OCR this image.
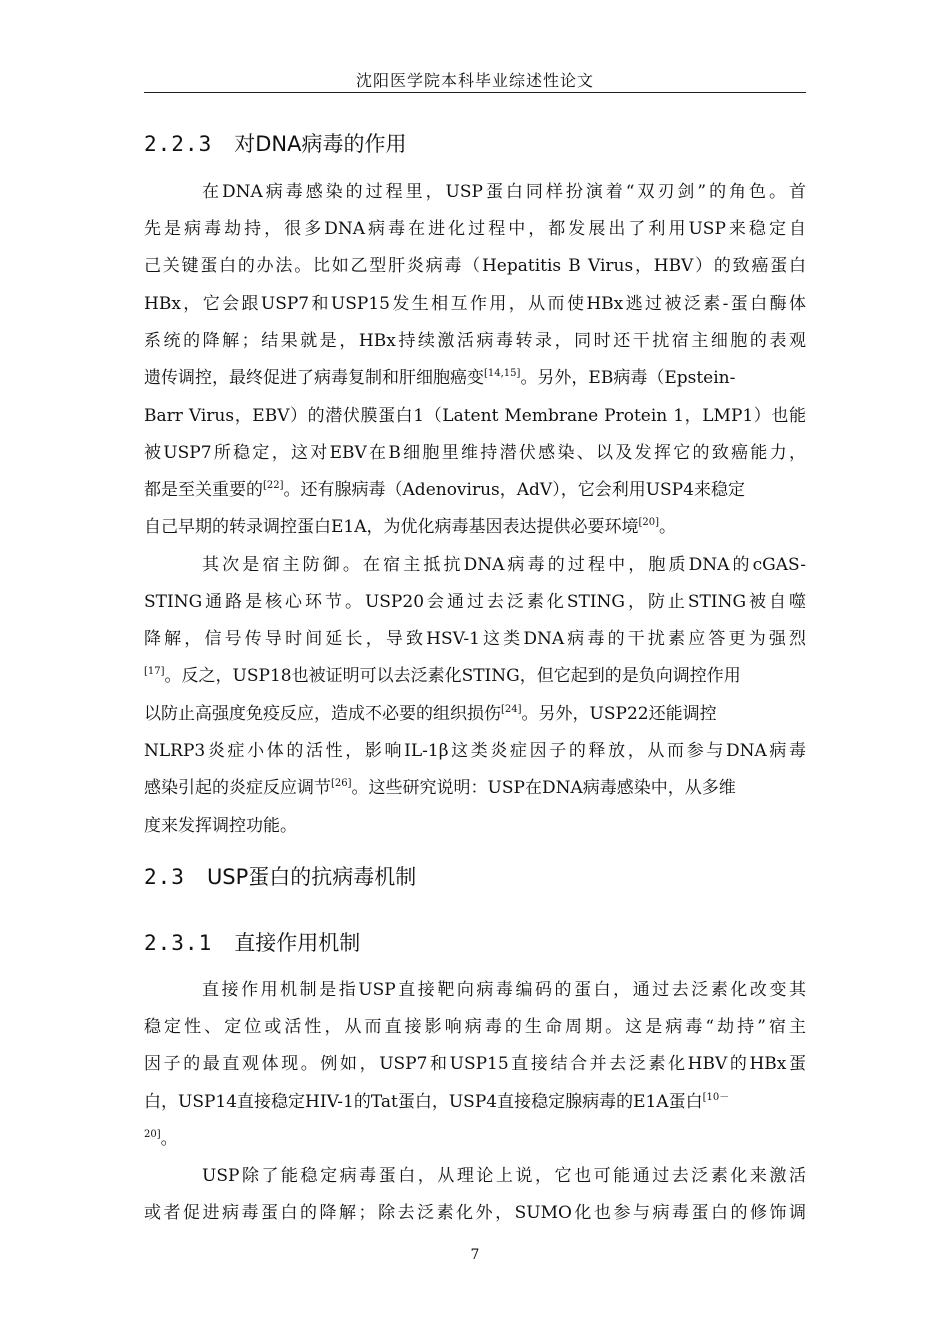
沈阳医学院本科毕业综述性论文
2.2.3 对DNA病毒的作用
在DNA病毒感染的过程里，USP蛋白同样扮演着“双刃剑”的角色。首
先是病毒劫持，很多DNA病毒在进化过程中，都发展出了利用USP来稳定自
己关键蛋白的办法。比如乙型肝炎病毒（Hepatitis B Virus，HBV）的致癌蛋白
HBx，它会跟USP7和USP15发生相互作用，从而使HBx逃过被泛素-蛋白酶体
系统的降解；结果就是，HBx持续激活病毒转录，同时还干扰宿主细胞的表观
遗传调控，最终促进了病毒复制和肝细胞癌变[14,15]。另外，EB病毒（Epstein-
Barr Virus，EBV）的潜伏膜蛋白1（Latent Membrane Protein 1，LMP1）也能
被USP7所稳定，这对EBV在B细胞里维持潜伏感染、以及发挥它的致癌能力，
都是至关重要的[22]。还有腺病毒（Adenovirus，AdV），它会利用USP4来稳定
自己早期的转录调控蛋白E1A，为优化病毒基因表达提供必要环境[20]。
其次是宿主防御。在宿主抵抗DNA病毒的过程中，胞质DNA的cGAS-
STING通路是核心环节。USP20会通过去泛素化STING，防止STING被自噬
降解，信号传导时间延长，导致HSV-1这类DNA病毒的干扰素应答更为强烈
[17]。反之，USP18也被证明可以去泛素化STING，但它起到的是负向调控作用
以防止高强度免疫反应，造成不必要的组织损伤[24]。另外，USP22还能调控
NLRP3炎症小体的活性，影响IL-1β这类炎症因子的释放，从而参与DNA病毒
感染引起的炎症反应调节[26]。这些研究说明：USP在DNA病毒感染中，从多维
度来发挥调控功能。
2.3 USP蛋白的抗病毒机制
2.3.1 直接作用机制
直接作用机制是指USP直接靶向病毒编码的蛋白，通过去泛素化改变其
稳定性、定位或活性，从而直接影响病毒的生命周期。这是病毒“劫持”宿主
因子的最直观体现。例如，USP7和USP15直接结合并去泛素化HBV的HBx蛋
白，USP14直接稳定HIV-1的Tat蛋白，USP4直接稳定腺病毒的E1A蛋白$^{[10-}$
$^{20]}$。
USP除了能稳定病毒蛋白，从理论上说，它也可能通过去泛素化来激活
或者促进病毒蛋白的降解；除去泛素化外，SUMO化也参与病毒蛋白的修饰调
7
